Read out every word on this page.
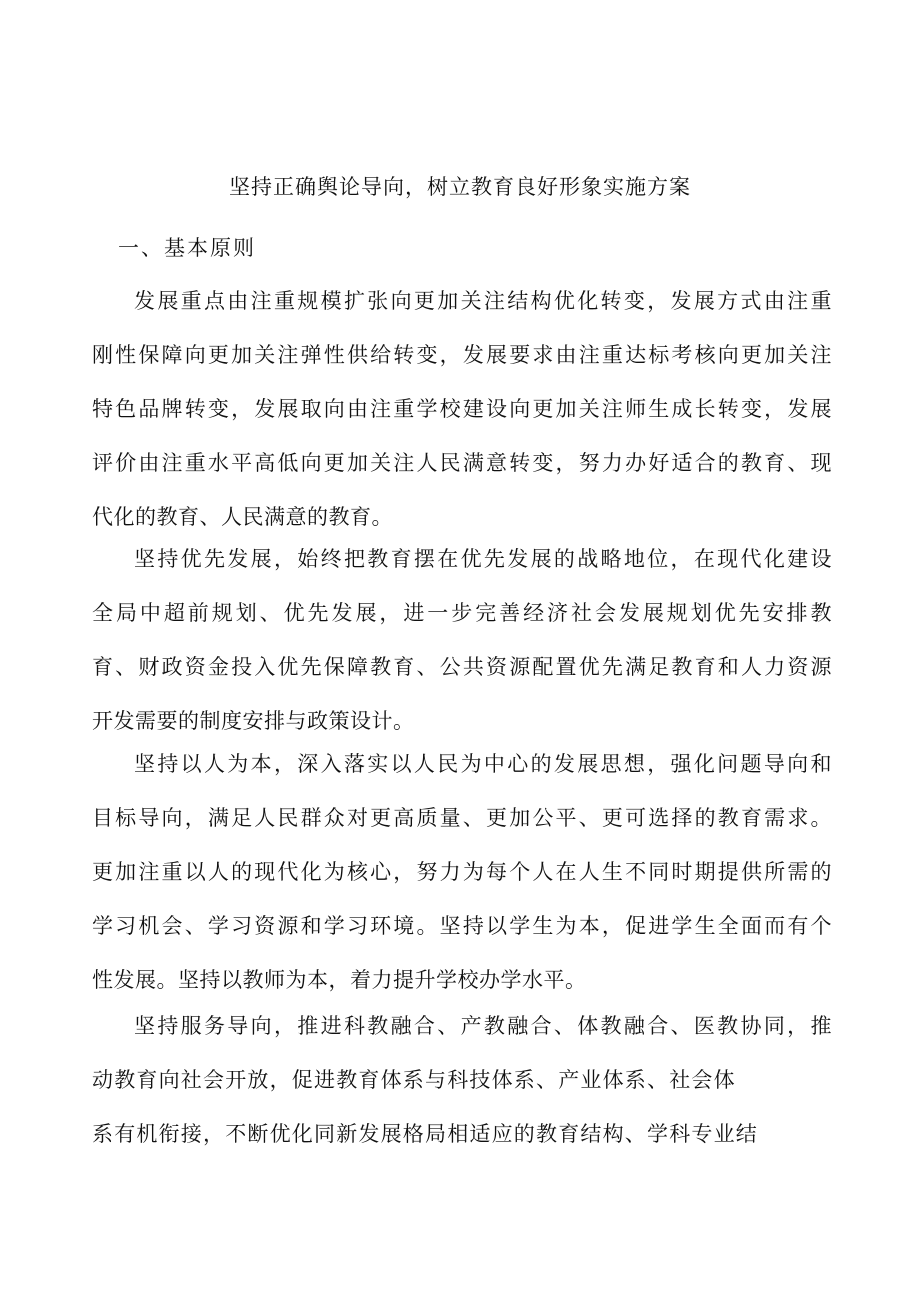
坚持正确舆论导向，树立教育良好形象实施方案
一、基本原则
发展重点由注重规模扩张向更加关注结构优化转变，发展方式由注重
刚性保障向更加关注弹性供给转变，发展要求由注重达标考核向更加关注
特色品牌转变，发展取向由注重学校建设向更加关注师生成长转变，发展
评价由注重水平高低向更加关注人民满意转变，努力办好适合的教育、现
代化的教育、人民满意的教育。
坚持优先发展，始终把教育摆在优先发展的战略地位，在现代化建设
全局中超前规划、优先发展，进一步完善经济社会发展规划优先安排教
育、财政资金投入优先保障教育、公共资源配置优先满足教育和人力资源
开发需要的制度安排与政策设计。
坚持以人为本，深入落实以人民为中心的发展思想，强化问题导向和
目标导向，满足人民群众对更高质量、更加公平、更可选择的教育需求。
更加注重以人的现代化为核心，努力为每个人在人生不同时期提供所需的
学习机会、学习资源和学习环境。坚持以学生为本，促进学生全面而有个
性发展。坚持以教师为本，着力提升学校办学水平。
坚持服务导向，推进科教融合、产教融合、体教融合、医教协同，推
动教育向社会开放，促进教育体系与科技体系、产业体系、社会体
系有机衔接，不断优化同新发展格局相适应的教育结构、学科专业结
